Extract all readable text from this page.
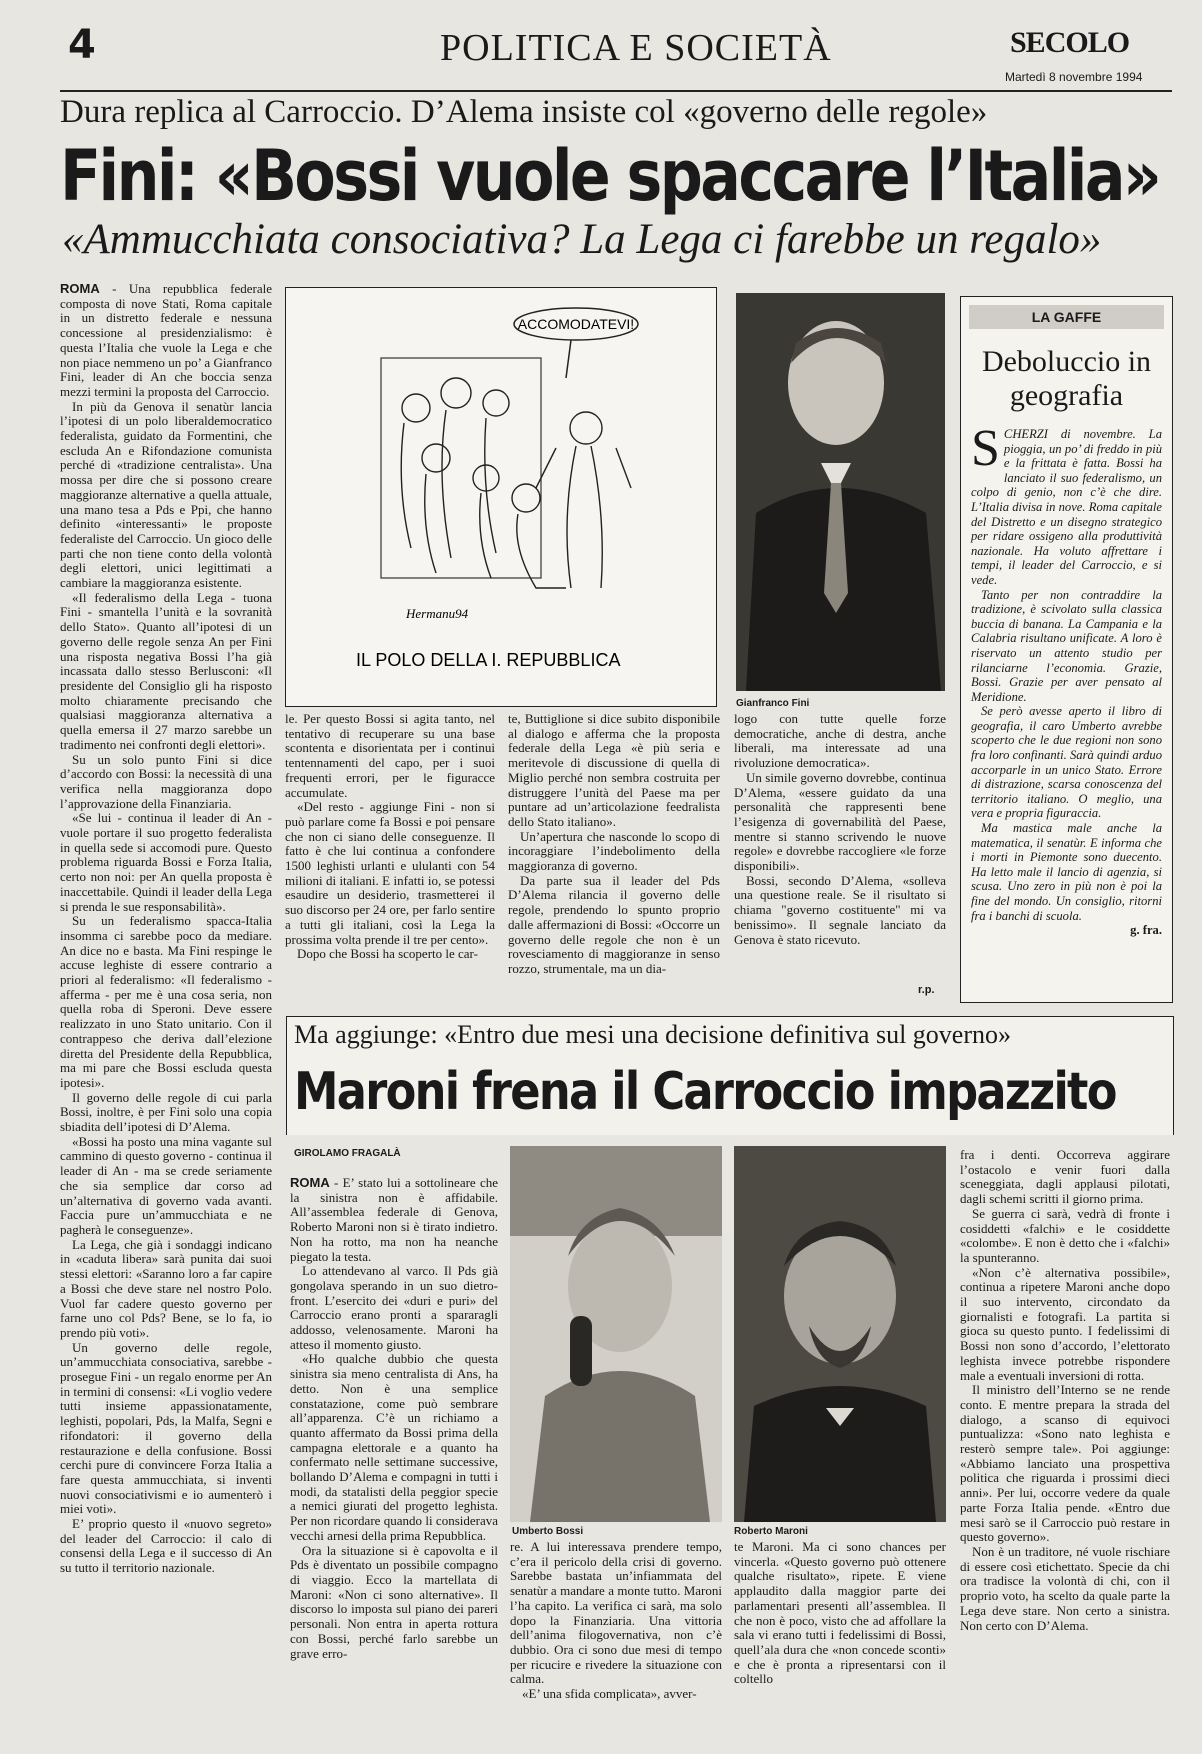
4	POLITICA E SOCIETÀ	SECOLO
Martedì 8 novembre 1994
Dura replica al Carroccio. D’Alema insiste col «governo delle regole»
Fini: «Bossi vuole spaccare l’Italia»
«Ammucchiata consociativa? La Lega ci farebbe un regalo»

ROMA - Una repubblica federale composta di nove Stati, Roma capitale in un distretto federale e nessuna concessione al presidenzialismo: è questa l’Italia che vuole la Lega e che non piace nemmeno un po’ a Gianfranco Fini, leader di An che boccia senza mezzi termini la proposta del Carroccio.

In più da Genova il senatùr lancia l’ipotesi di un polo liberaldemocratico federalista, guidato da Formentini, che escluda An e Rifondazione comunista perché di «tradizione centralista». Una mossa per dire che si possono creare maggioranze alternative a quella attuale, una mano tesa a Pds e Ppi, che hanno definito «interessanti» le proposte federaliste del Carroccio. Un gioco delle parti che non tiene conto della volontà degli elettori, unici legittimati a cambiare la maggioranza esistente.

«Il federalismo della Lega - tuona Fini - smantella l’unità e la sovranità dello Stato». Quanto all’ipotesi di un governo delle regole senza An per Fini una risposta negativa Bossi l’ha già incassata dallo stesso Berlusconi: «Il presidente del Consiglio gli ha risposto molto chiaramente precisando che qualsiasi maggioranza alternativa a quella emersa il 27 marzo sarebbe un tradimento nei confronti degli elettori».

Su un solo punto Fini si dice d’accordo con Bossi: la necessità di una verifica nella maggioranza dopo l’approvazione della Finanziaria.

«Se lui - continua il leader di An - vuole portare il suo progetto federalista in quella sede si accomodi pure. Questo problema riguarda Bossi e Forza Italia, certo non noi: per An quella proposta è inaccettabile. Quindi il leader della Lega si prenda le sue responsabilità».

Su un federalismo spacca-Italia insomma ci sarebbe poco da mediare. An dice no e basta. Ma Fini respinge le accuse leghiste di essere contrario a priori al federalismo: «Il federalismo - afferma - per me è una cosa seria, non quella roba di Speroni. Deve essere realizzato in uno Stato unitario. Con il contrappeso che deriva dall’elezione diretta del Presidente della Repubblica, ma mi pare che Bossi escluda questa ipotesi».

Il governo delle regole di cui parla Bossi, inoltre, è per Fini solo una copia sbiadita dell’ipotesi di D’Alema.

«Bossi ha posto una mina vagante sul cammino di questo governo - continua il leader di An - ma se crede seriamente che sia semplice dar corso ad un’alternativa di governo vada avanti. Faccia pure un’ammucchiata e ne pagherà le conseguenze».

La Lega, che già i sondaggi indicano in «caduta libera» sarà punita dai suoi stessi elettori: «Saranno loro a far capire a Bossi che deve stare nel nostro Polo. Vuol far cadere questo governo per farne uno col Pds? Bene, se lo fa, io prendo più voti».

Un governo delle regole, un’ammucchiata consociativa, sarebbe - prosegue Fini - un regalo enorme per An in termini di consensi: «Li voglio vedere tutti insieme appassionatamente, leghisti, popolari, Pds, la Malfa, Segni e rifondatori: il governo della restaurazione e della confusione. Bossi cerchi pure di convincere Forza Italia a fare questa ammucchiata, si inventi nuovi consociativismi e io aumenterò i miei voti».

E’ proprio questo il «nuovo segreto» del leader del Carroccio: il calo di consensi della Lega e il successo di An su tutto il territorio nazionale.

ACCOMODATEVI!
Hermanu94
IL POLO DELLA I. REPUBBLICA
Gianfranco Fini

le. Per questo Bossi si agita tanto, nel tentativo di recuperare su una base scontenta e disorientata per i continui tentennamenti del capo, per i suoi frequenti errori, per le figuracce accumulate.

«Del resto - aggiunge Fini - non si può parlare come fa Bossi e poi pensare che non ci siano delle conseguenze. Il fatto è che lui continua a confondere 1500 leghisti urlanti e ululanti con 54 milioni di italiani. E infatti io, se potessi esaudire un desiderio, trasmetterei il suo discorso per 24 ore, per farlo sentire a tutti gli italiani, così la Lega la prossima volta prende il tre per cento».

Dopo che Bossi ha scoperto le car-

te, Buttiglione si dice subito disponibile al dialogo e afferma che la proposta federale della Lega «è più seria e meritevole di discussione di quella di Miglio perché non sembra costruita per distruggere l’unità del Paese ma per puntare ad un’articolazione feedralista dello Stato italiano».

Un’apertura che nasconde lo scopo di incoraggiare l’indebolimento della maggioranza di governo.

Da parte sua il leader del Pds D’Alema rilancia il governo delle regole, prendendo lo spunto proprio dalle affermazioni di Bossi: «Occorre un governo delle regole che non è un rovesciamento di maggioranze in senso rozzo, strumentale, ma un dia-

logo con tutte quelle forze democratiche, anche di destra, anche liberali, ma interessate ad una rivoluzione democratica».

Un simile governo dovrebbe, continua D’Alema, «essere guidato da una personalità che rappresenti bene l’esigenza di governabilità del Paese, mentre si stanno scrivendo le nuove regole» e dovrebbe raccogliere «le forze disponibili».

Bossi, secondo D’Alema, «solleva una questione reale. Se il risultato si chiama "governo costituente" mi va benissimo». Il segnale lanciato da Genova è stato ricevuto.

r.p.
LA GAFFE
Deboluccio in geografia

SCHERZI di novembre. La pioggia, un po’ di freddo in più e la frittata è fatta. Bossi ha lanciato il suo federalismo, un colpo di genio, non c’è che dire. L’Italia divisa in nove. Roma capitale del Distretto e un disegno strategico per ridare ossigeno alla produttività nazionale. Ha voluto affrettare i tempi, il leader del Carroccio, e si vede.

Tanto per non contraddire la tradizione, è scivolato sulla classica buccia di banana. La Campania e la Calabria risultano unificate. A loro è riservato un attento studio per rilanciarne l’economia. Grazie, Bossi. Grazie per aver pensato al Meridione.

Se però avesse aperto il libro di geografia, il caro Umberto avrebbe scoperto che le due regioni non sono fra loro confinanti. Sarà quindi arduo accorparle in un unico Stato. Errore di distrazione, scarsa conoscenza del territorio italiano. O meglio, una vera e propria figuraccia.

Ma mastica male anche la matematica, il senatùr. E informa che i morti in Piemonte sono duecento. Ha letto male il lancio di agenzia, si scusa. Uno zero in più non è poi la fine del mondo. Un consiglio, ritorni fra i banchi di scuola.

g. fra.
Ma aggiunge: «Entro due mesi una decisione definitiva sul governo»
Maroni frena il Carroccio impazzito
GIROLAMO FRAGALÀ

ROMA - E’ stato lui a sottolineare che la sinistra non è affidabile. All’assemblea federale di Genova, Roberto Maroni non si è tirato indietro. Non ha rotto, ma non ha neanche piegato la testa.

Lo attendevano al varco. Il Pds già gongolava sperando in un suo dietro-front. L’esercito dei «duri e puri» del Carroccio erano pronti a spararagli addosso, velenosamente. Maroni ha atteso il momento giusto.

«Ho qualche dubbio che questa sinistra sia meno centralista di Ans, ha detto. Non è una semplice constatazione, come può sembrare all’apparenza. C’è un richiamo a quanto affermato da Bossi prima della campagna elettorale e a quanto ha confermato nelle settimane successive, bollando D’Alema e compagni in tutti i modi, da statalisti della peggior specie a nemici giurati del progetto leghista. Per non ricordare quando li considerava vecchi arnesi della prima Repubblica.

Ora la situazione si è capovolta e il Pds è diventato un possibile compagno di viaggio. Ecco la martellata di Maroni: «Non ci sono alternative». Il discorso lo imposta sul piano dei pareri personali. Non entra in aperta rottura con Bossi, perché farlo sarebbe un grave erro-

Umberto Bossi	Roberto Maroni

re. A lui interessava prendere tempo, c’era il pericolo della crisi di governo. Sarebbe bastata un’infiammata del senatùr a mandare a monte tutto. Maroni l’ha capito. La verifica ci sarà, ma solo dopo la Finanziaria. Una vittoria dell’anima filogovernativa, non c’è dubbio. Ora ci sono due mesi di tempo per ricucire e rivedere la situazione con calma.

«E’ una sfida complicata», avver-

te Maroni. Ma ci sono chances per vincerla. «Questo governo può ottenere qualche risultato», ripete. E viene applaudito dalla maggior parte dei parlamentari presenti all’assemblea. Il che non è poco, visto che ad affollare la sala vi erano tutti i fedelissimi di Bossi, quell’ala dura che «non concede sconti» e che è pronta a ripresentarsi con il coltello

fra i denti. Occorreva aggirare l’ostacolo e venir fuori dalla sceneggiata, dagli applausi pilotati, dagli schemi scritti il giorno prima.

Se guerra ci sarà, vedrà di fronte i cosiddetti «falchi» e le cosiddette «colombe». E non è detto che i «falchi» la spunteranno.

«Non c’è alternativa possibile», continua a ripetere Maroni anche dopo il suo intervento, circondato da giornalisti e fotografi. La partita si gioca su questo punto. I fedelissimi di Bossi non sono d’accordo, l’elettorato leghista invece potrebbe rispondere male a eventuali inversioni di rotta.

Il ministro dell’Interno se ne rende conto. E mentre prepara la strada del dialogo, a scanso di equivoci puntualizza: «Sono nato leghista e resterò sempre tale». Poi aggiunge: «Abbiamo lanciato una prospettiva politica che riguarda i prossimi dieci anni». Per lui, occorre vedere da quale parte Forza Italia pende. «Entro due mesi sarò se il Carroccio può restare in questo governo».

Non è un traditore, né vuole rischiare di essere così etichettato. Specie da chi ora tradisce la volontà di chi, con il proprio voto, ha scelto da quale parte la Lega deve stare. Non certo a sinistra. Non certo con D’Alema.
